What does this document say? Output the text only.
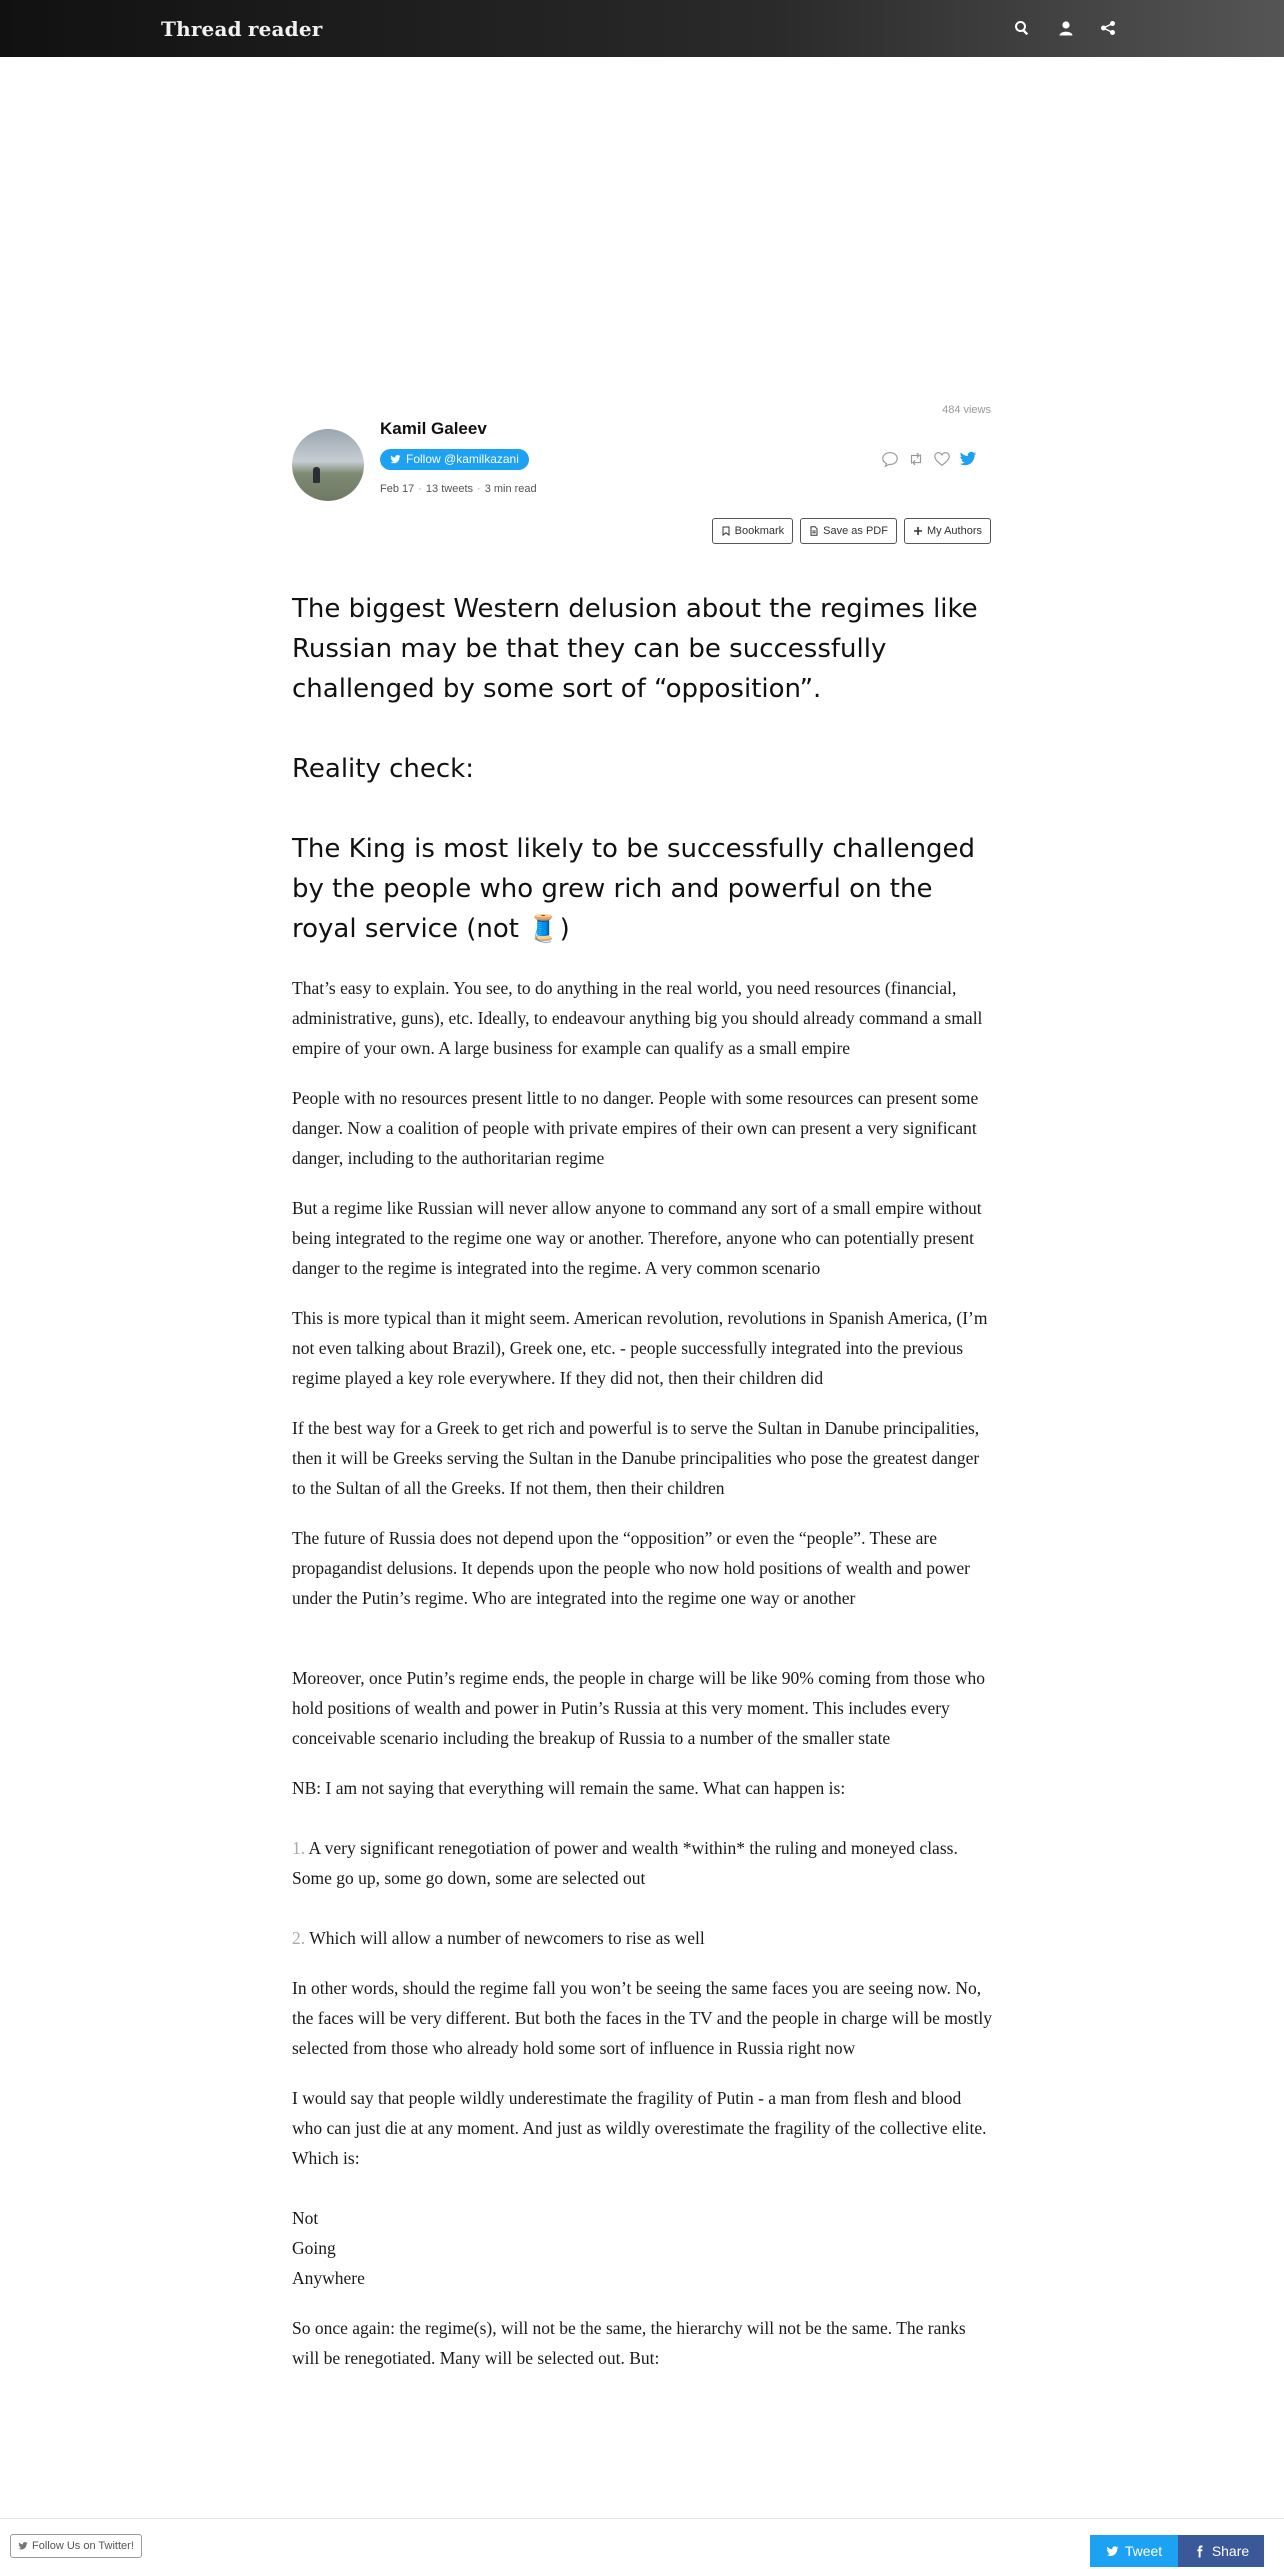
Thread reader
484 views
Kamil Galeev
Follow @kamilkazani
Feb 17 · 13 tweets · 3 min read
Bookmark	Save as PDF	My Authors
The biggest Western delusion about the regimes like Russian may be that they can be successfully challenged by some sort of “opposition”.
Reality check:
The King is most likely to be successfully challenged by the people who grew rich and powerful on the royal service (not 🧵)
That’s easy to explain. You see, to do anything in the real world, you need resources (financial, administrative, guns), etc. Ideally, to endeavour anything big you should already command a small empire of your own. A large business for example can qualify as a small empire
People with no resources present little to no danger. People with some resources can present some danger. Now a coalition of people with private empires of their own can present a very significant danger, including to the authoritarian regime
But a regime like Russian will never allow anyone to command any sort of a small empire without being integrated to the regime one way or another. Therefore, anyone who can potentially present danger to the regime is integrated into the regime. A very common scenario
This is more typical than it might seem. American revolution, revolutions in Spanish America, (I’m not even talking about Brazil), Greek one, etc. - people successfully integrated into the previous regime played a key role everywhere. If they did not, then their children did
If the best way for a Greek to get rich and powerful is to serve the Sultan in Danube principalities, then it will be Greeks serving the Sultan in the Danube principalities who pose the greatest danger to the Sultan of all the Greeks. If not them, then their children
The future of Russia does not depend upon the “opposition” or even the “people”. These are propagandist delusions. It depends upon the people who now hold positions of wealth and power under the Putin’s regime. Who are integrated into the regime one way or another
Moreover, once Putin’s regime ends, the people in charge will be like 90% coming from those who hold positions of wealth and power in Putin’s Russia at this very moment. This includes every conceivable scenario including the breakup of Russia to a number of the smaller state
NB: I am not saying that everything will remain the same. What can happen is:
1. A very significant renegotiation of power and wealth *within* the ruling and moneyed class. Some go up, some go down, some are selected out
2. Which will allow a number of newcomers to rise as well
In other words, should the regime fall you won’t be seeing the same faces you are seeing now. No, the faces will be very different. But both the faces in the TV and the people in charge will be mostly selected from those who already hold some sort of influence in Russia right now
I would say that people wildly underestimate the fragility of Putin - a man from flesh and blood who can just die at any moment. And just as wildly overestimate the fragility of the collective elite. Which is:
Not
Going
Anywhere
So once again: the regime(s), will not be the same, the hierarchy will not be the same. The ranks will be renegotiated. Many will be selected out. But:
Follow Us on Twitter!	Tweet	Share
